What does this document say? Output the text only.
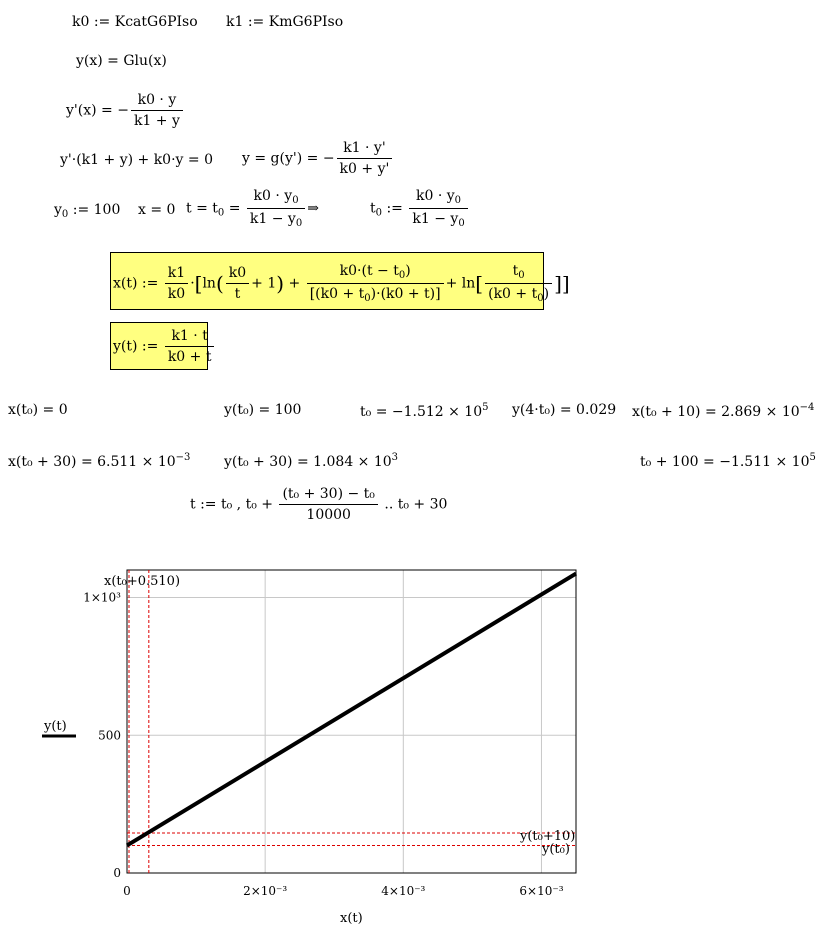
k0 := KcatG6PIso k1 := KmG6PIso
y(x) = Glu(x)
y'(x) = − $\frac{k0 \cdot y}{k1 + y}$
y'·(k1 + y) + k0·y = 0 y = g(y') = − $\frac{k1 \cdot y'}{k0 + y'}$
$y_0$ := 100 x = 0 $t = t_0 = \frac{k0 \cdot y_0}{k1 - y_0}$ ⇒	$t_0$ := $\frac{k0 \cdot y_0}{k1 - y_0}$
x(t) := $\frac{k1}{k0} \cdot[\ln( \frac{k0}{t} + 1) + \frac{k0\cdot(t - t_0)}{[(k0 + t_0)\cdot(k0 + t)]} + \ln[ \frac{t_0}{(k0 + t_0)}$ ]]
y(t) := $\frac{k1 \cdot t}{k0 + t}$
x(t₀) = 0	y(t₀) = 100	$t_0 = -1.512 \times 10^5$ y(4·t₀) = 0.029 $x(t_0 + 10) = 2.869 \times 10^{-4}$
$x(t_0 + 30) = 6.511 \times 10^{-3}$ $y(t_0 + 30) = 1.084 \times 10^3$	$t_0 + 100 = -1.511 \times 10^5$
t := t₀ , $t_0 + \frac{\text{(t₀ + 30) − t₀}}{10000}$ .. t₀ + 30
0	2×10⁻³	4×10⁻³	6×10⁻³
0
500
1×10³
x(t₀+0.510)
y(t₀+10)
y(t₀)
y(t)
x(t)
